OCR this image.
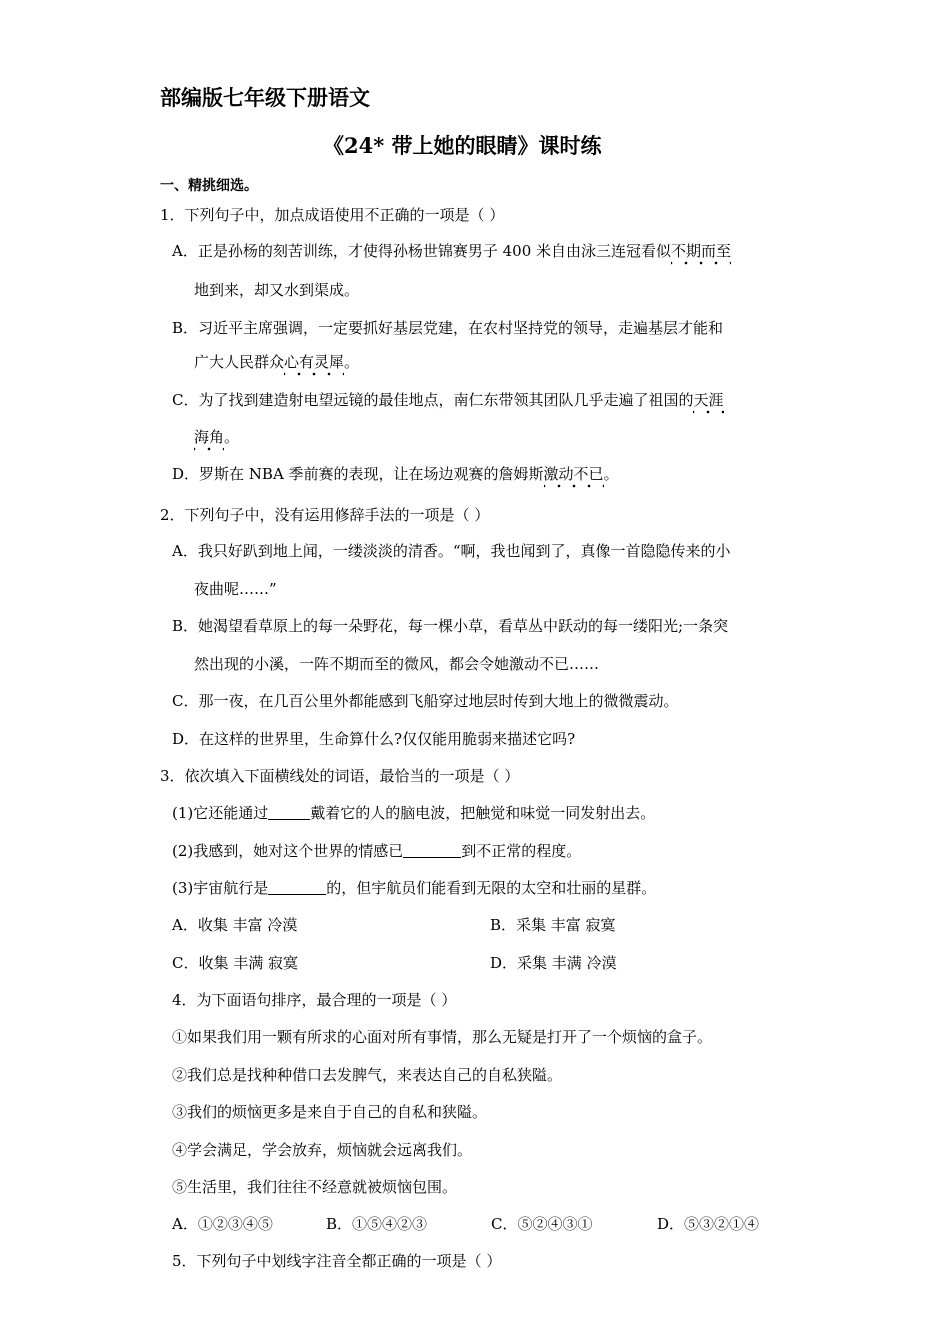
部编版七年级下册语文
《24* 带上她的眼睛》课时练
一、精挑细选。
1．下列句子中，加点成语使用不正确的一项是（ ）
A．正是孙杨的刻苦训练，才使得孙杨世锦赛男子 400 米自由泳三连冠看似不期而至
地到来，却又水到渠成。
B．习近平主席强调，一定要抓好基层党建，在农村坚持党的领导，走遍基层才能和
广大人民群众心有灵犀。
C．为了找到建造射电望远镜的最佳地点，南仁东带领其团队几乎走遍了祖国的天涯
海角。
D．罗斯在 NBA 季前赛的表现，让在场边观赛的詹姆斯激动不已。
2．下列句子中，没有运用修辞手法的一项是（ ）
A．我只好趴到地上闻，一缕淡淡的清香。“啊，我也闻到了，真像一首隐隐传来的小
夜曲呢……”
B．她渴望看草原上的每一朵野花，每一棵小草，看草丛中跃动的每一缕阳光;一条突
然出现的小溪，一阵不期而至的微风，都会令她激动不已……
C．那一夜，在几百公里外都能感到飞船穿过地层时传到大地上的微微震动。
D．在这样的世界里，生命算什么?仅仅能用脆弱来描述它吗?
3．依次填入下面横线处的词语，最恰当的一项是（ ）
(1)它还能通过	戴着它的人的脑电波，把触觉和味觉一同发射出去。
(2)我感到，她对这个世界的情感已	到不正常的程度。
(3)宇宙航行是	的，但宇航员们能看到无限的太空和壮丽的星群。
A．收集 丰富 冷漠	B．采集 丰富 寂寞
C．收集 丰满 寂寞	D．采集 丰满 冷漠
4．为下面语句排序，最合理的一项是（ ）
①如果我们用一颗有所求的心面对所有事情，那么无疑是打开了一个烦恼的盒子。
②我们总是找种种借口去发脾气，来表达自己的自私狭隘。
③我们的烦恼更多是来自于自己的自私和狭隘。
④学会满足，学会放弃，烦恼就会远离我们。
⑤生活里，我们往往不经意就被烦恼包围。
A．①②③④⑤	B．①⑤④②③	C．⑤②④③①	D．⑤③②①④
5．下列句子中划线字注音全都正确的一项是（ ）
